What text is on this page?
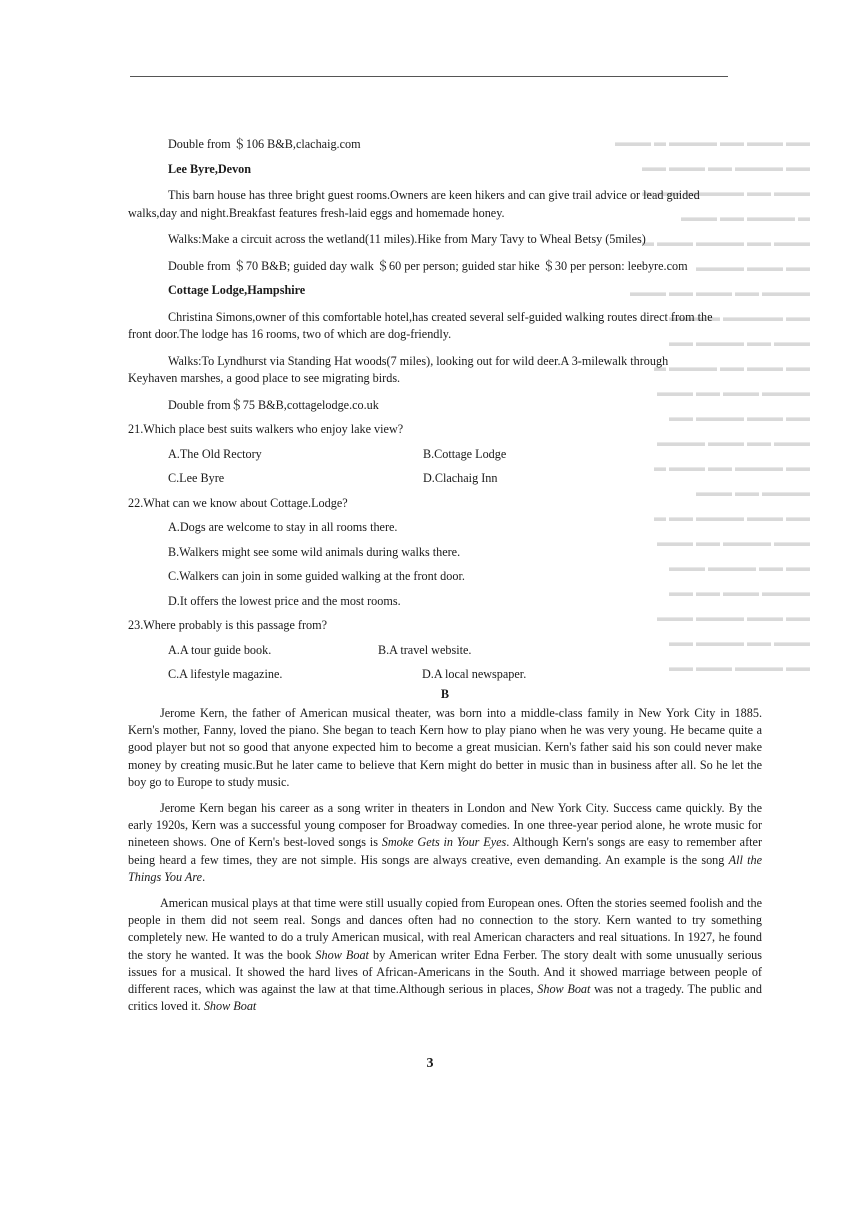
▬▬ ▬▬▬ ▬▬ ▬▬▬▬ ▬ ▬▬▬
▬▬ ▬▬▬▬ ▬▬ ▬▬▬ ▬▬
▬▬▬ ▬▬ ▬▬▬▬▬ ▬▬ ▬
▬ ▬▬▬▬ ▬▬ ▬▬▬
▬▬▬ ▬▬ ▬▬▬▬ ▬▬▬ ▬
▬▬ ▬▬▬ ▬▬▬▬
▬▬▬▬ ▬▬ ▬▬▬ ▬▬ ▬▬▬
▬▬ ▬▬▬▬▬ ▬ ▬▬▬
▬▬▬ ▬▬ ▬▬▬▬ ▬▬
▬▬ ▬▬▬ ▬▬ ▬▬▬▬ ▬
▬▬▬▬ ▬▬▬ ▬▬ ▬▬▬
▬▬ ▬▬▬ ▬▬▬▬ ▬▬
▬▬▬ ▬▬ ▬▬▬ ▬▬▬▬
▬▬ ▬▬▬▬ ▬▬ ▬▬▬ ▬
▬▬▬▬ ▬▬ ▬▬▬
▬▬ ▬▬▬ ▬▬▬▬ ▬▬ ▬
▬▬▬ ▬▬▬▬ ▬▬ ▬▬▬
▬▬ ▬▬ ▬▬▬▬ ▬▬▬
▬▬▬▬ ▬▬▬ ▬▬ ▬▬
▬▬ ▬▬▬ ▬▬▬▬ ▬▬▬
▬▬▬ ▬▬ ▬▬▬▬ ▬▬
▬▬ ▬▬▬▬ ▬▬▬ ▬▬

Double from ＄106 B&B,clachaig.com

Lee Byre,Devon

This barn house has three bright guest rooms.Owners are keen hikers and can give trail advice or lead guided

walks,day and night.Breakfast features fresh-laid eggs and homemade honey.

Walks:Make a circuit across the wetland(11 miles).Hike from Mary Tavy to Wheal Betsy (5miles)

Double from ＄70 B&B; guided day walk ＄60 per person; guided star hike ＄30 per person: leebyre.com

Cottage Lodge,Hampshire

Christina Simons,owner of this comfortable hotel,has created several self-guided walking routes direct from the

front door.The lodge has 16 rooms, two of which are dog-friendly.

Walks:To Lyndhurst via Standing Hat woods(7 miles), looking out for wild deer.A 3-milewalk through

Keyhaven marshes, a good place to see migrating birds.

Double from＄75 B&B,cottagelodge.co.uk

21.Which place best suits walkers who enjoy lake view?

A.The Old Rectory	B.Cottage Lodge
C.Lee Byre	D.Clachaig Inn

22.What can we know about Cottage.Lodge?

A.Dogs are welcome to stay in all rooms there.

B.Walkers might see some wild animals during walks there.

C.Walkers can join in some guided walking at the front door.

D.It offers the lowest price and the most rooms.

23.Where probably is this passage from?

A.A tour guide book.	B.A travel website.
C.A lifestyle magazine.	D.A local newspaper.

B

Jerome Kern, the father of American musical theater, was born into a middle-class family in New York City in 1885. Kern's mother, Fanny, loved the piano. She began to teach Kern how to play piano when he was very young. He became quite a good player but not so good that anyone expected him to become a great musician. Kern's father said his son could never make money by creating music.But he later came to believe that Kern might do better in music than in business after all. So he let the boy go to Europe to study music.

Jerome Kern began his career as a song writer in theaters in London and New York City. Success came quickly. By the early 1920s, Kern was a successful young composer for Broadway comedies. In one three-year period alone, he wrote music for nineteen shows. One of Kern's best-loved songs is Smoke Gets in Your Eyes. Although Kern's songs are easy to remember after being heard a few times, they are not simple. His songs are always creative, even demanding. An example is the song All the Things You Are.

American musical plays at that time were still usually copied from European ones. Often the stories seemed foolish and the people in them did not seem real. Songs and dances often had no connection to the story. Kern wanted to try something completely new. He wanted to do a truly American musical, with real American characters and real situations. In 1927, he found the story he wanted. It was the book Show Boat by American writer Edna Ferber. The story dealt with some unusually serious issues for a musical. It showed the hard lives of African-Americans in the South. And it showed marriage between people of different races, which was against the law at that time.Although serious in places, Show Boat was not a tragedy. The public and critics loved it. Show Boat

3
